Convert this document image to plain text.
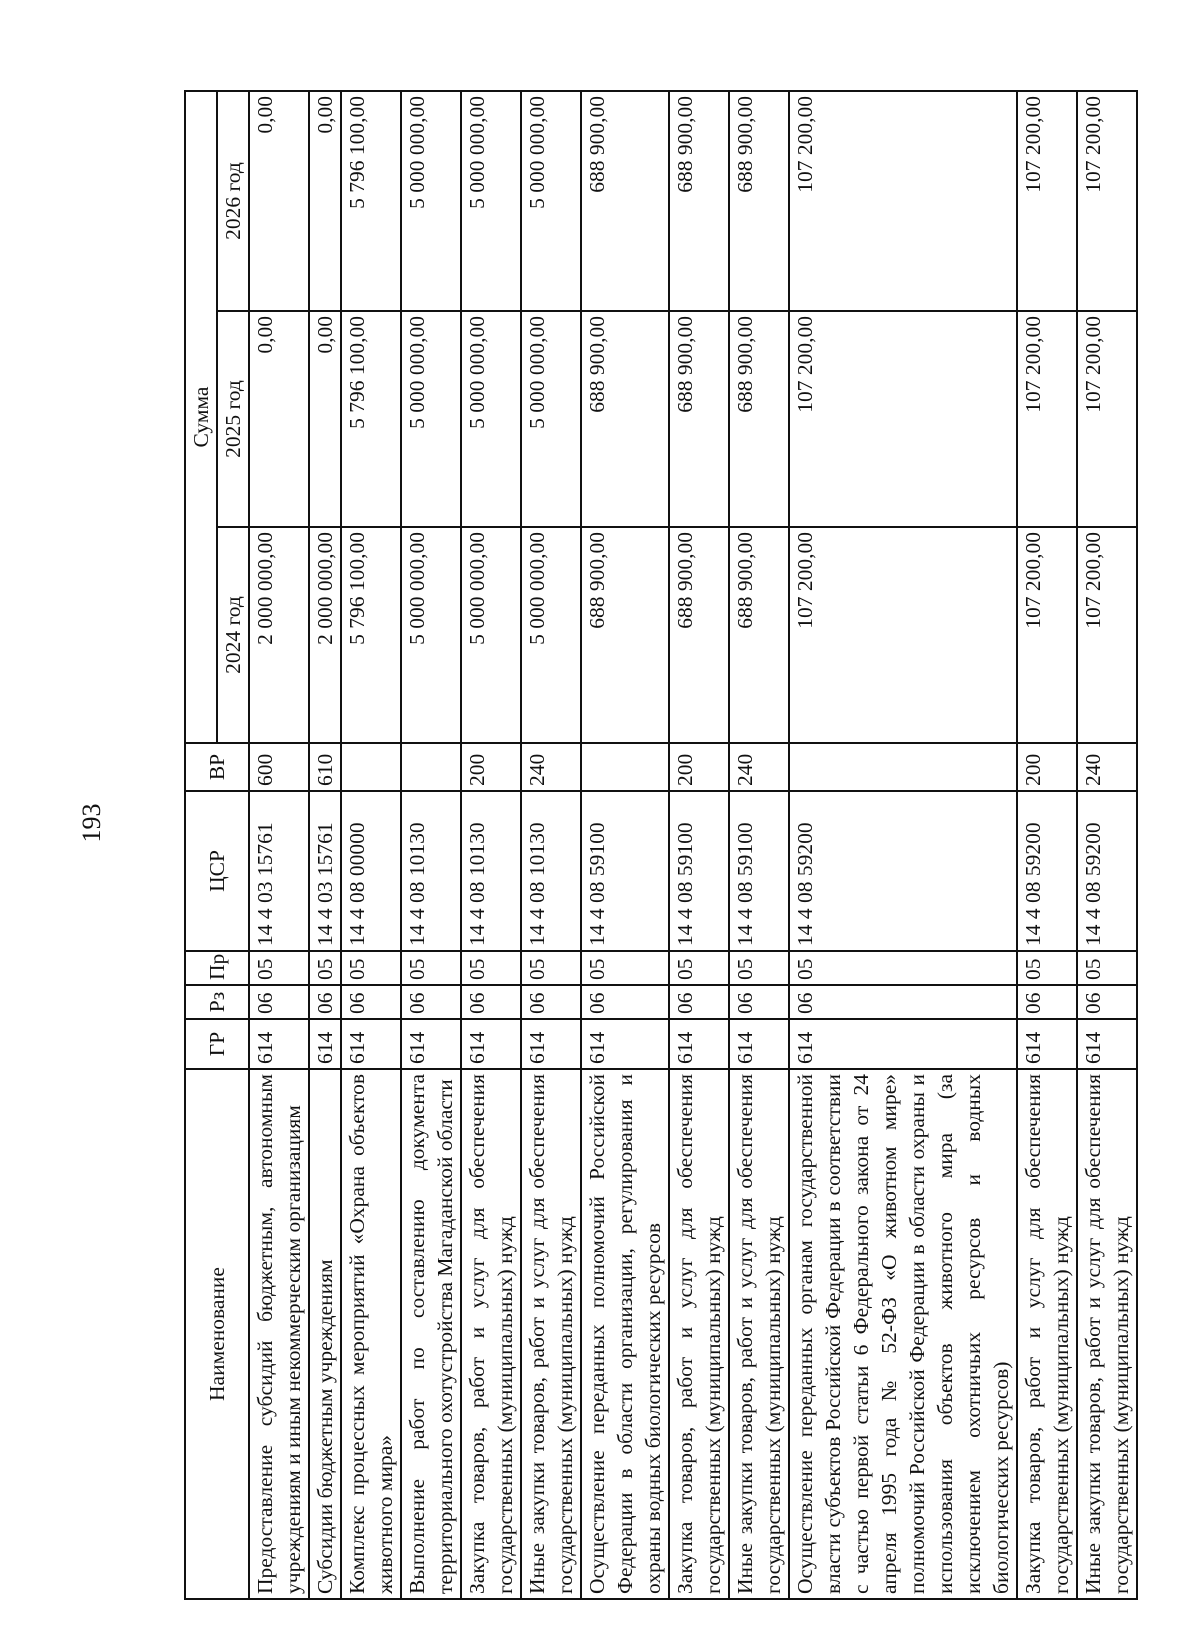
193
Наименование	ГР	Рз	Пр	ЦСР	ВР	Сумма		
						2024 год	2025 год	2026 год
Предоставление субсидий бюджетным, автономным учреждениям и иным некоммерческим организациям	614	06	05	14 4 03 15761	600	2 000 000,00	0,00	0,00
Субсидии бюджетным учреждениям	614	06	05	14 4 03 15761	610	2 000 000,00	0,00	0,00
Комплекс процессных мероприятий «Охрана объектов животного мира»	614	06	05	14 4 08 00000		5 796 100,00	5 796 100,00	5 796 100,00
Выполнение работ по составлению документа территориального охотустройства Магаданской области	614	06	05	14 4 08 10130		5 000 000,00	5 000 000,00	5 000 000,00
Закупка товаров, работ и услуг для обеспечения государственных (муниципальных) нужд	614	06	05	14 4 08 10130	200	5 000 000,00	5 000 000,00	5 000 000,00
Иные закупки товаров, работ и услуг для обеспечения государственных (муниципальных) нужд	614	06	05	14 4 08 10130	240	5 000 000,00	5 000 000,00	5 000 000,00
Осуществление переданных полномочий Российской Федерации в области организации, регулирования и охраны водных биологических ресурсов	614	06	05	14 4 08 59100		688 900,00	688 900,00	688 900,00
Закупка товаров, работ и услуг для обеспечения государственных (муниципальных) нужд	614	06	05	14 4 08 59100	200	688 900,00	688 900,00	688 900,00
Иные закупки товаров, работ и услуг для обеспечения государственных (муниципальных) нужд	614	06	05	14 4 08 59100	240	688 900,00	688 900,00	688 900,00
Осуществление переданных органам государственной власти субъектов Российской Федерации в соответствии с частью первой статьи 6 Федерального закона от 24 апреля 1995 года № 52-ФЗ «О животном мире» полномочий Российской Федерации в области охраны и использования объектов животного мира (за исключением охотничьих ресурсов и водных биологических ресурсов)	614	06	05	14 4 08 59200		107 200,00	107 200,00	107 200,00
Закупка товаров, работ и услуг для обеспечения государственных (муниципальных) нужд	614	06	05	14 4 08 59200	200	107 200,00	107 200,00	107 200,00
Иные закупки товаров, работ и услуг для обеспечения государственных (муниципальных) нужд	614	06	05	14 4 08 59200	240	107 200,00	107 200,00	107 200,00
